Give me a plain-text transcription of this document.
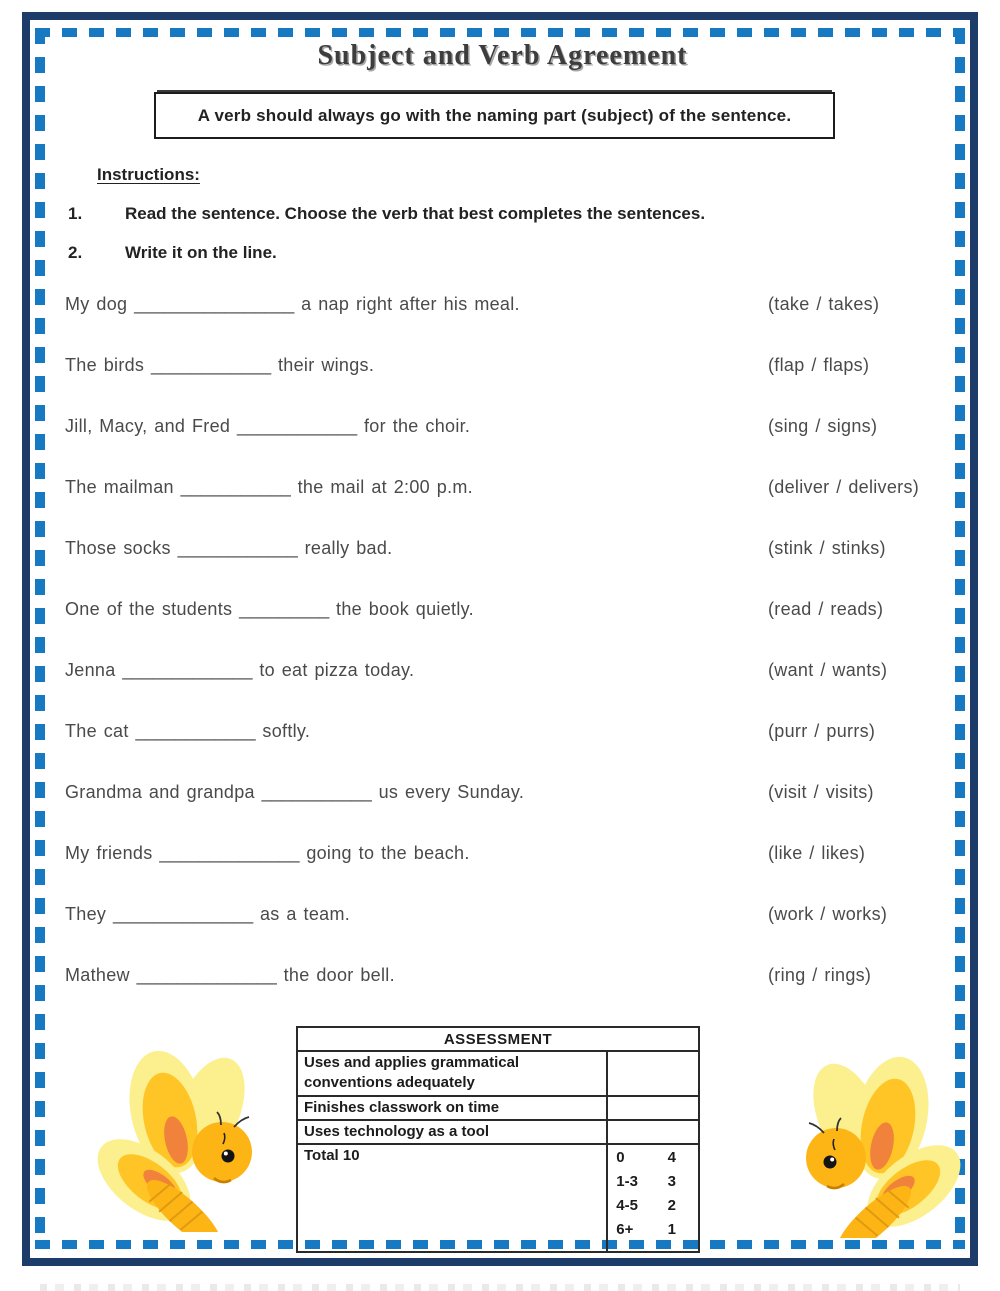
Subject and Verb Agreement
A verb should always go with the naming part (subject) of the sentence.
Instructions:
1.	Read the sentence. Choose the verb that best completes the sentences.
2.	Write it on the line.
My dog ________________ a nap right after his meal.	(take / takes)
The birds ____________ their wings.	(flap / flaps)
Jill, Macy, and Fred ____________ for the choir.	(sing / signs)
The mailman ___________ the mail at 2:00 p.m.	(deliver / delivers)
Those socks ____________ really bad.	(stink / stinks)
One of the students _________ the book quietly.	(read / reads)
Jenna _____________ to eat pizza today.	(want / wants)
The cat ____________ softly.	(purr / purrs)
Grandma and grandpa ___________ us every Sunday.	(visit / visits)
My friends ______________ going to the beach.	(like / likes)
They ______________ as a team.	(work / works)
Mathew ______________ the door bell.	(ring / rings)
ASSESSMENT	
Uses and applies grammatical conventions adequately	
Finishes classwork on time	
Uses technology as a tool	
Total 10	0	4
1-3 3
4-5 2
6+ 1
